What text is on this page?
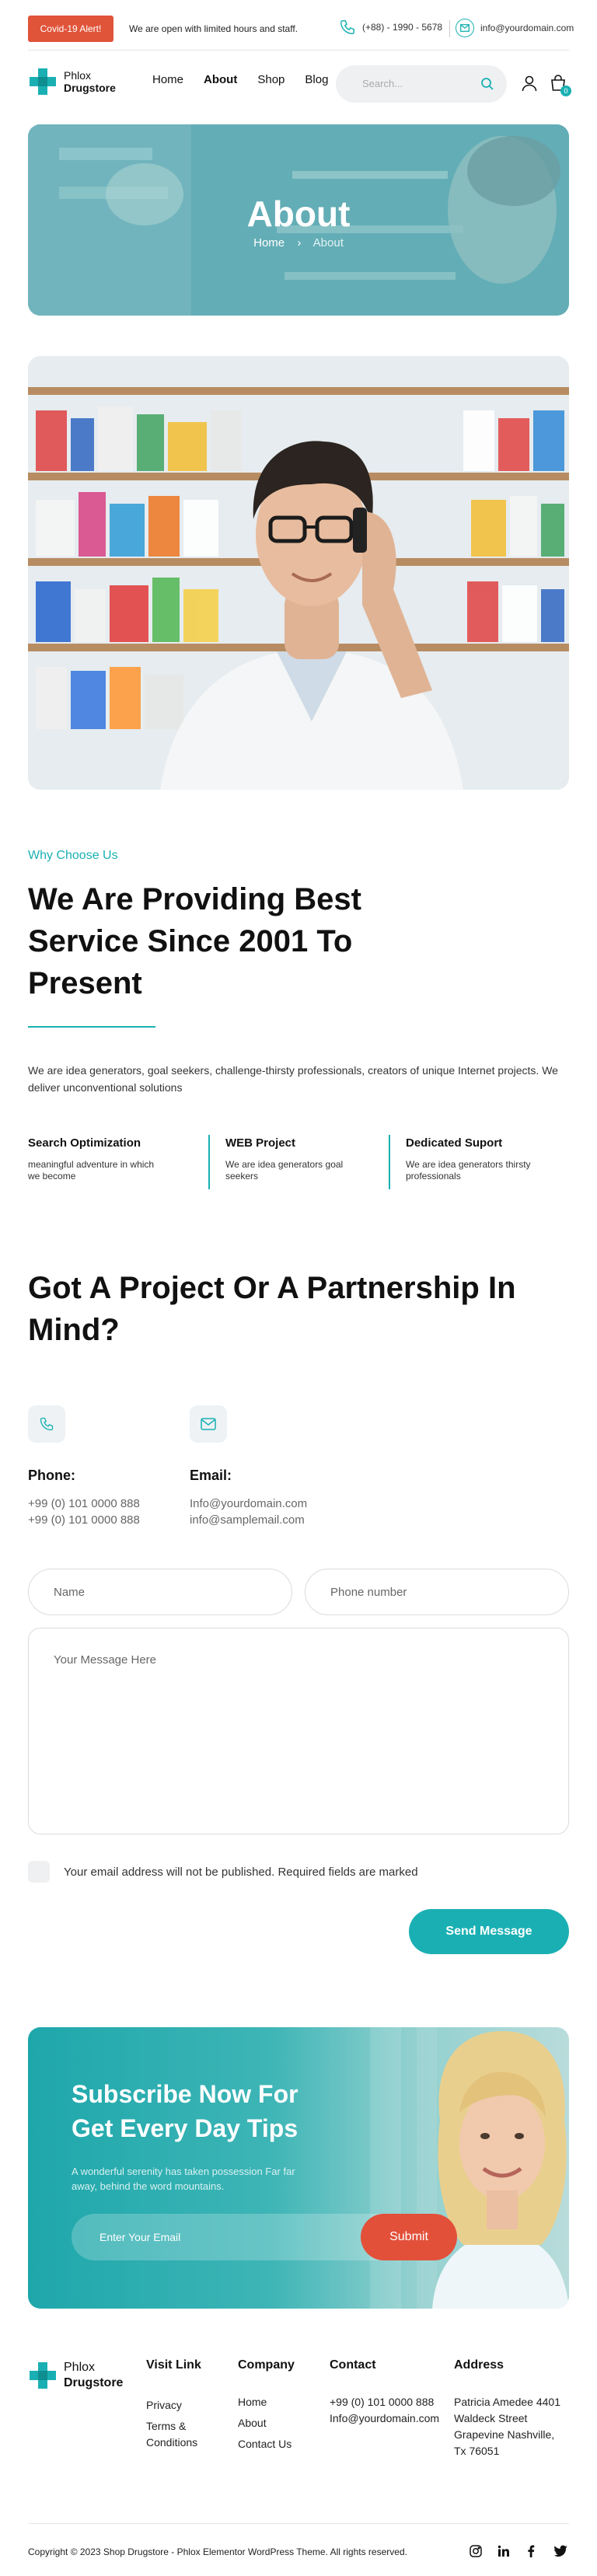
Covid-19 Alert!	We are open with limited hours and staff.	(+88) - 1990 - 5678	info@yourdomain.com
Phlox
Drugstore
Home About Shop Blog	Search...
0
About
Home › About
Why Choose Us
We Are Providing Best Service Since 2001 To Present
We are idea generators, goal seekers, challenge-thirsty professionals, creators of unique Internet projects. We deliver unconventional solutions
Search Optimization
meaningful adventure in which we become
WEB Project
We are idea generators goal seekers
Dedicated Suport
We are idea generators thirsty professionals
Got A Project Or A Partnership In Mind?
Phone:
+99 (0) 101 0000 888
+99 (0) 101 0000 888
Email:
Info@yourdomain.com
info@samplemail.com
Name	Phone number
Your Message Here
Your email address will not be published. Required fields are marked
Send Message
Subscribe Now For Get Every Day Tips
A wonderful serenity has taken possession Far far away, behind the word mountains.
Enter Your Email	Submit
Phlox
Drugstore
Visit Link
Privacy
Terms &
Conditions
Company
Home
About
Contact Us
Contact
+99 (0) 101 0000 888
Info@yourdomain.com
Address
Patricia Amedee 4401
Waldeck Street
Grapevine Nashville,
Tx 76051
Copyright © 2023 Shop Drugstore - Phlox Elementor WordPress Theme. All rights reserved.
